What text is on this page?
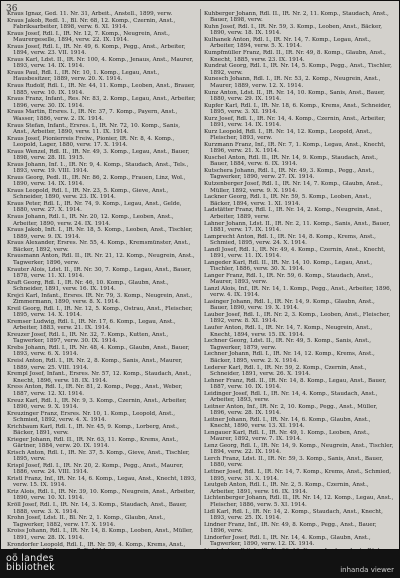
36
Kraus Ignaz, Ged. 11. Nr. 31, Arbeit., Anstell., 1899, verw.
Kraus Jakob, Redl. 1., Bl. Nr. 68, 12. Komp., Czernin, Anst., Fabriksarbeiter, 1898, verw. 6. XI. 1914.
Kraus Josef, Rdl. I., IR. Nr. 12, 7. Komp., Neugrein, Anst., Maurergeselle, 1894, verw. 22. IX. 1914.
Kraus Josef, Rdl. I., IR. Nr. 49, 6. Komp., Pegg., Anst., Arbeiter, 1894, verw. 23. VII. 1914.
Kraus Karl, Ldst. II., IR. Nr. 100, 4. Komp., Jenaus, Anst., Maurer, 1893, verw. 14. IX. 1914.
Kraus Paul, Rdl. I., IR. Nr. 10, 1. Komp., Legau, Anst., Hausbesitzer, 1889, verw. 20. X. 1914.
Kraus Rudolf, Rdl. I., IR. Nr. 44, 11. Komp., Leoben, Anst., Brauer, 1885, verw. 10. IX. 1914.
Kraus Franz, Infant., Res. Nr. 83, 2. Komp., Legau, Anst., Arbeiter, 1896, verw. 30. IX. 1914.
Kraus Martin, Ersres. I., IR. Nr. 37, 7. Komp., Payern, Anst., Wasser, 1886, verw. 2. IX. 1914.
Kraus Stefan, Infant., Ersres. I., IR. Nr. 72, 10. Komp., Sanis, Anst., Arbeiter, 1890, verw. 11. IX. 1914.
Kraus Josef, Pionierreis Freiw., Pionier, IR. Nr. 8, 4. Komp., Leopold, Lager, 1880, verw. 17. X. 1914.
Kraus Wenzel, Rdl. II., IR. Nr. 49, 3. Komp., Legau, Anst., Bauer, 1898, verw. 28. III. 1915.
Kraus Johann, Inf. 1., IR. Nr. 9, 4. Komp., Staudach, Anst., Tels., 1893, verw. 19. VIII. 1914.
Kraus Georg, Pedl. II., IR. Nr. 86, 2. Komp., Frauen, Linz, Wol., 1890, verw. 14. IX. 1914.
Kraus Leopold, Rdl. I., IR. Nr. 23, 5. Komp., Gieve, Anst., Schneider, 1890, verw. 23. IX. 1914.
Kraus Peter, Rdl. I., IR. Nr. 74, 9. Komp., Legau, Anst., Gelde, 1880, verw. 27. X. 1914.
Kraus Johann, Rdl. I., IR. Nr. 20, 12. Komp., Leoben, Anst., Arbeiter, 1890, verw. 24. IX. 1914.
Kraus Jakob, Inft. I., IR. Nr. 18, 5. Komp., Leoben, Anst., Tischler, 1889, verw. 9. IX. 1914.
Kraus Alexander, Ersres. Nr. 55, 4. Komp., Kremsmünster, Anst., Bäcker, 1892, verw.
Krausmann Anton, Rdl. II., IR. Nr. 21, 12. Komp., Neugrein, Anst., Tagwerker, 1896, verw.
Krauter Alois, Ldst. II., IR. Nr. 30, 7. Komp., Legau, Anst., Bauer, 1878, verw. 11. XI. 1914.
Kraft Georg, Rdl. I., IR. Nr. 46, 10. Komp., Glaubn, Anst., Schneider, 1891, verw. 16. IX. 1914.
Krejci Karl, Infant., Ersres. IR. Nr. 79, 3. Komp., Neugrein, Anst., Zimmermann, 1890, verw. 8. X. 1914.
Kreil Georg, Rdl. I., IR. Nr. 12, 5. Komp., Ostrau, Anst., Fleischer, 1895, verw. 14. X. 1914.
Kremser Ludwig, Rdl. I., IR. Nr. 17, 6. Komp., Legau, Anst., Arbeiter, 1883, verw. 21. IX. 1914.
Kreuzer Josef, Rdl. I., IR. Nr. 32, 7. Komp., Kutten, Anst., Tagwerker, 1897, verw. 30. IX. 1914.
Krebs Johann, Rdl. I., IR. Nr. 48, 4. Komp., Glaubn, Anst., Bauer, 1893, verw. 6. X. 1914.
Kreisl Anton, Rdl. I., IR. Nr. 2, 8. Komp., Sanis, Anst., Maurer, 1889, verw. 25. VIII. 1914.
Krempl Josef, Infant., Ersres. Nr. 57, 12. Komp., Staudach, Anst., Knecht, 1896, verw. 18. IX. 1914.
Kress Anton, Rdl. I., IR. Nr. 81, 2. Komp., Pegg., Anst., Weber, 1887, verw. 12. XI. 1914.
Kreuz Karl, Rdl. I., IR. Nr. 9, 3. Komp., Czernin, Anst., Arbeiter, 1890, verw. 9. X. 1914.
Kreuzinger Franz, Ersres. Nr. 10, 1. Komp., Leopold, Anst., Schmied, 1892, verw. 4. X. 1914.
Krichbaum Karl, Rdl. I., IR. Nr. 45, 9. Komp., Lorberg, Anst., Bäcker, 1891, verw.
Krieger Johann, Rdl. II., IR. Nr. 63, 11. Komp., Krems, Anst., Gärtner, 1884, verw. 20. IX. 1914.
Krisch Anton, Rdl. I., IR. Nr. 37, 5. Komp., Gieve, Anst., Tischler, 1895, verw.
Krispl Josef, Rdl. I., IR. Nr. 20, 2. Komp., Pegg., Anst., Maurer, 1886, verw. 24. VIII. 1914.
Kristl Franz, Inf., IR. Nr. 14, 6. Komp., Legau, Anst., Knecht, 1893, verw. 15. IX. 1914.
Kriz Alois, Rdl. I., IR. Nr. 39, 10. Komp., Neugrein, Anst., Arbeiter, 1890, verw. 10. XI. 1914.
Kröll Josef, Rdl. I., IR. Nr. 14, 3. Komp., Staudach, Anst., Bauer, 1888, verw. 3. X. 1914.
Krohn Josef, Ldst. II., Bl. Nr. 2, 1. Komp., Glaubn, Anst., Tagwerker, 1882, verw. 17. X. 1914.
Kroiss Johann, Rdl. I., IR. Nr. 14, 8. Komp., Leoben, Anst., Müller, 1891, verw. 28. IX. 1914.
Krondorfer Leopold, Rdl. I., IR. Nr. 59, 4. Komp., Krems, Anst.,
Kuhberger Johann, Rdl. II., IR. Nr. 2, 11. Komp., Staudach, Anst., Bauer, 1898, verw.
Kuhn Josef, Rdl. I., IR. Nr. 59, 3. Komp., Leoben, Anst., Bäcker, 1890, verw. 18. IX. 1914.
Kulhanek Anton, Rdl. I., IR. Nr. 14, 7. Komp., Legau, Anst., Arbeiter, 1894, verw. 5. X. 1914.
Kumpfmüller Franz, Rdl. II., IR. Nr. 49, 8. Komp., Glaubn, Anst., Knecht, 1885, verw. 23. IX. 1914.
Kundrat Georg, Rdl. I., IR. Nr. 14, 5. Komp., Pegg., Anst., Tischler, 1892, verw.
Kunesch Johann, Rdl. I., IR. Nr. 53, 2. Komp., Neugrein, Anst., Maurer, 1889, verw. 12. X. 1914.
Kunz Anton, Ldst. II., IR. Nr. 14, 10. Komp., Sanis, Anst., Bauer, 1880, verw. 29. IX. 1914.
Kupfer Karl, Rdl. I., IR. Nr. 18, 6. Komp., Krems, Anst., Schneider, 1895, verw. 3. XI. 1914.
Kurz Josef, Rdl. I., IR. Nr. 14, 4. Komp., Czernin, Anst., Arbeiter, 1891, verw. 14. IX. 1914.
Kurz Leopold, Rdl. I., IR. Nr. 14, 12. Komp., Leopold, Anst., Fleischer, 1893, verw.
Kurzmann Franz, Inf., IR. Nr. 7, 1. Komp., Legau, Anst., Knecht, 1896, verw. 21. X. 1914.
Kuschel Anton, Rdl. II., IR. Nr. 14, 9. Komp., Staudach, Anst., Bauer, 1884, verw. 6. IX. 1914.
Kutschera Johann, Rdl. I., IR. Nr. 49, 3. Komp., Pegg., Anst., Tagwerker, 1890, verw. 27. IX. 1914.
Kutzenberger Josef, Rdl. I., IR. Nr. 14, 7. Komp., Glaubn, Anst., Müller, 1892, verw. 9. X. 1914.
Lackner Georg, Rdl. I., IR. Nr. 59, 5. Komp., Leoben, Anst., Bäcker, 1894, verw. 1. XI. 1914.
Ladstätter Franz, Rdl. I., IR. Nr. 14, 2. Komp., Neugrein, Anst., Arbeiter, 1889, verw.
Lahner Johann, Ldst. II., IR. Nr. 2, 11. Komp., Sanis, Anst., Bauer, 1881, verw. 17. IX. 1914.
Lamprecht Anton, Rdl. I., IR. Nr. 14, 8. Komp., Krems, Anst., Schmied, 1895, verw. 24. X. 1914.
Landl Josef, Rdl. I., IR. Nr. 49, 4. Komp., Czernin, Anst., Knecht, 1891, verw. 11. IX. 1914.
Langeder Karl, Rdl. II., IR. Nr. 14, 10. Komp., Legau, Anst., Tischler, 1886, verw. 30. X. 1914.
Langer Franz, Rdl. I., IR. Nr. 59, 6. Komp., Staudach, Anst., Maurer, 1893, verw.
Lanzl Alois, Inf., IR. Nr. 14, 1. Komp., Pegg., Anst., Arbeiter, 1896, verw. 4. IX. 1914.
Lasinger Johann, Rdl. I., IR. Nr. 14, 9. Komp., Glaubn, Anst., Bauer, 1890, verw. 19. X. 1914.
Lauber Josef, Rdl. I., IR. Nr. 2, 3. Komp., Leoben, Anst., Fleischer, 1892, verw. 8. XI. 1914.
Laufer Anton, Rdl. I., IR. Nr. 14, 7. Komp., Neugrein, Anst., Knecht, 1894, verw. 15. IX. 1914.
Lechner Georg, Ldst. II., IR. Nr. 49, 5. Komp., Sanis, Anst., Tagwerker, 1879, verw.
Lechner Johann, Rdl. I., IR. Nr. 14, 12. Komp., Krems, Anst., Bäcker, 1895, verw. 2. X. 1914.
Lederer Karl, Rdl. I., IR. Nr. 59, 2. Komp., Czernin, Anst., Schneider, 1891, verw. 26. X. 1914.
Lehner Franz, Rdl. II., IR. Nr. 14, 8. Komp., Legau, Anst., Bauer, 1887, verw. 10. IX. 1914.
Leidinger Josef, Rdl. I., IR. Nr. 14, 4. Komp., Staudach, Anst., Arbeiter, 1893, verw.
Leitner Anton, Inf., IR. Nr. 2, 10. Komp., Pegg., Anst., Müller, 1896, verw. 28. IX. 1914.
Leitner Johann, Rdl. I., IR. Nr. 14, 6. Komp., Glaubn, Anst., Knecht, 1890, verw. 13. XI. 1914.
Lengauer Karl, Rdl. I., IR. Nr. 49, 1. Komp., Leoben, Anst., Maurer, 1892, verw. 7. IX. 1914.
Lenz Georg, Rdl. I., IR. Nr. 14, 9. Komp., Neugrein, Anst., Tischler, 1894, verw. 22. IX. 1914.
Lerch Franz, Ldst. II., IR. Nr. 59, 3. Komp., Sanis, Anst., Bauer, 1880, verw.
Lettner Josef, Rdl. I., IR. Nr. 14, 7. Komp., Krems, Anst., Schmied, 1895, verw. 31. X. 1914.
Leutgeb Anton, Rdl. I., IR. Nr. 2, 5. Komp., Czernin, Anst., Arbeiter, 1891, verw. 16. IX. 1914.
Lichtenberger Johann, Rdl. II., IR. Nr. 14, 12. Komp., Legau, Anst., Fleischer, 1886, verw. 5. XI. 1914.
Lidl Karl, Rdl. I., IR. Nr. 14, 2. Komp., Staudach, Anst., Knecht, 1893, verw. 25. IX. 1914.
Lindner Franz, Inf., IR. Nr. 49, 8. Komp., Pegg., Anst., Bauer, 1896, verw.
Lindorfer Josef, Rdl. I., IR. Nr. 14, 4. Komp., Glaubn, Anst., Tagwerker, 1890, verw. 12. IX. 1914.
oö landes
bibliothek	inhanda viewer
